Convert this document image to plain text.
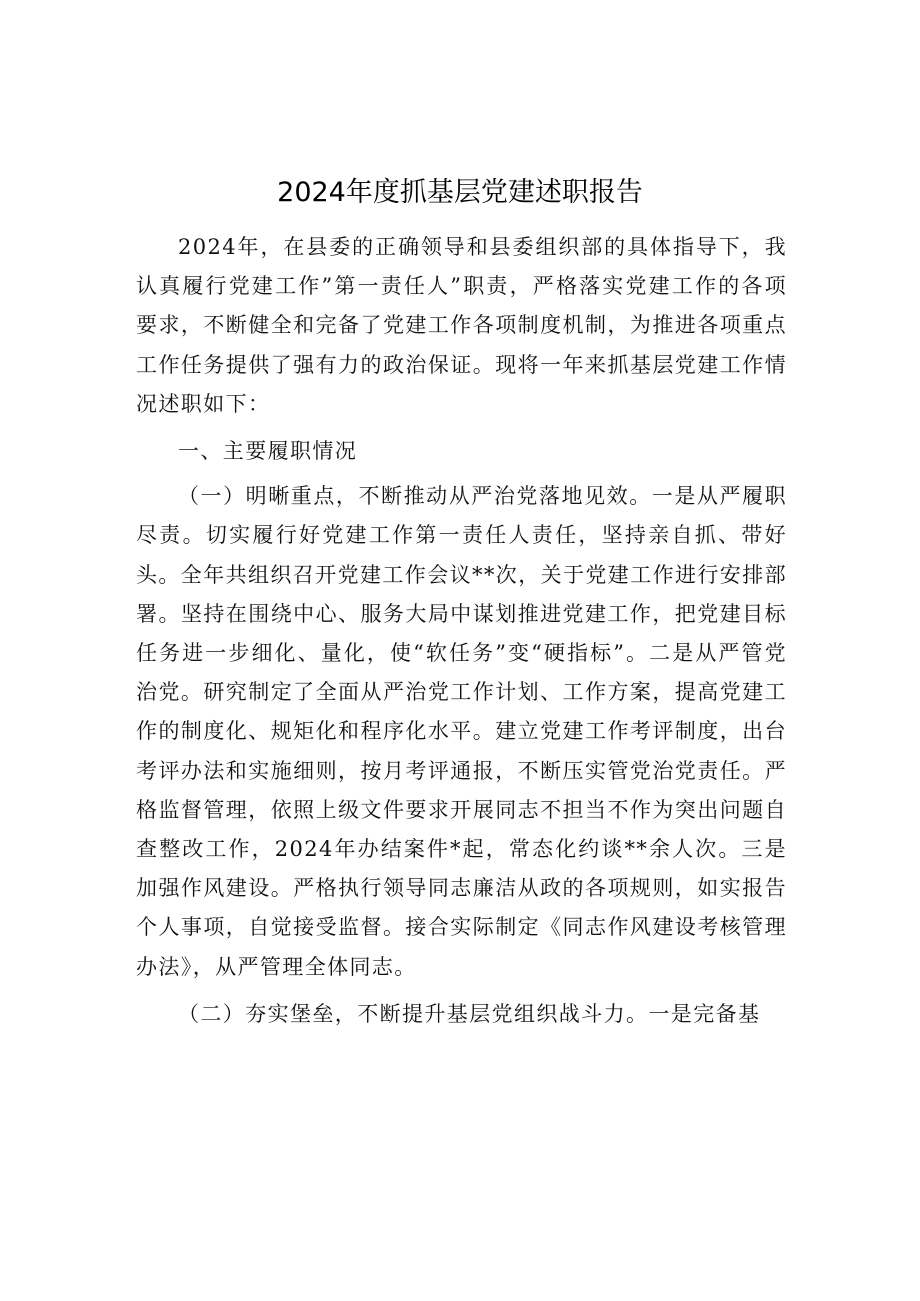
2024年度抓基层党建述职报告

2024年，在县委的正确领导和县委组织部的具体指导下，我认真履行党建工作”第一责任人”职责，严格落实党建工作的各项要求，不断健全和完备了党建工作各项制度机制，为推进各项重点工作任务提供了强有力的政治保证。现将一年来抓基层党建工作情况述职如下：

一、主要履职情况

（一）明晰重点，不断推动从严治党落地见效。一是从严履职尽责。切实履行好党建工作第一责任人责任，坚持亲自抓、带好头。全年共组织召开党建工作会议**次，关于党建工作进行安排部署。坚持在围绕中心、服务大局中谋划推进党建工作，把党建目标任务进一步细化、量化，使“软任务”变“硬指标”。二是从严管党治党。研究制定了全面从严治党工作计划、工作方案，提高党建工作的制度化、规矩化和程序化水平。建立党建工作考评制度，出台考评办法和实施细则，按月考评通报，不断压实管党治党责任。严格监督管理，依照上级文件要求开展同志不担当不作为突出问题自查整改工作，2024年办结案件*起，常态化约谈**余人次。三是加强作风建设。严格执行领导同志廉洁从政的各项规则，如实报告个人事项，自觉接受监督。接合实际制定《同志作风建设考核管理办法》，从严管理全体同志。

（二）夯实堡垒，不断提升基层党组织战斗力。一是完备基
